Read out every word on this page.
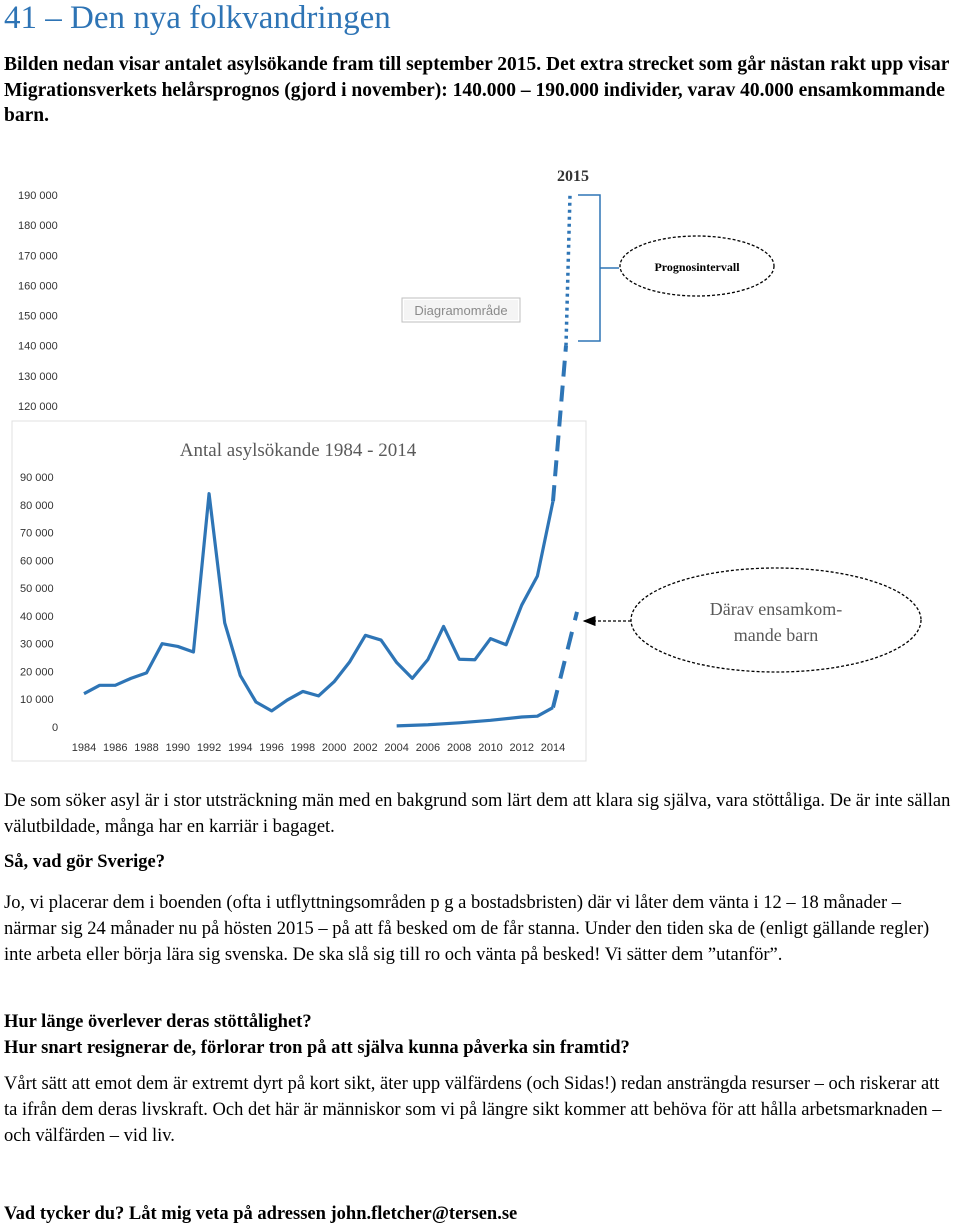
41 – Den nya folkvandringen

Bilden nedan visar antalet asylsökande fram till september 2015. Det extra strecket som går nästan rakt upp visar Migrationsverkets helårsprognos (gjord i november): 140.000 – 190.000 individer, varav 40.000 ensamkommande barn.

120 000
130 000
140 000
150 000
160 000
170 000
180 000
190 000
0
10 000
20 000
30 000
40 000
50 000
60 000
70 000
80 000
90 000
1984 1986 1988 1990 1992 1994 1996 1998 2000 2002 2004 2006 2008 2010 2012 2014
Antal asylsökande 1984 - 2014
Diagramområde
2015
Prognosintervall
Därav ensamkom-
mande barn

De som söker asyl är i stor utsträckning män med en bakgrund som lärt dem att klara sig själva, vara stöttåliga. De är inte sällan välutbildade, många har en karriär i bagaget.

Så, vad gör Sverige?

Jo, vi placerar dem i boenden (ofta i utflyttningsområden p g a bostadsbristen) där vi låter dem vänta i 12 – 18 månader – närmar sig 24 månader nu på hösten 2015 – på att få besked om de får stanna. Under den tiden ska de (enligt gällande regler) inte arbeta eller börja lära sig svenska. De ska slå sig till ro och vänta på besked! Vi sätter dem ”utanför”.

Hur länge överlever deras stöttålighet?

Hur snart resignerar de, förlorar tron på att själva kunna påverka sin framtid?

Vårt sätt att emot dem är extremt dyrt på kort sikt, äter upp välfärdens (och Sidas!) redan ansträngda resurser – och riskerar att ta ifrån dem deras livskraft. Och det här är människor som vi på längre sikt kommer att behöva för att hålla arbetsmarknaden – och välfärden – vid liv.

Vad tycker du? Låt mig veta på adressen john.fletcher@tersen.se
